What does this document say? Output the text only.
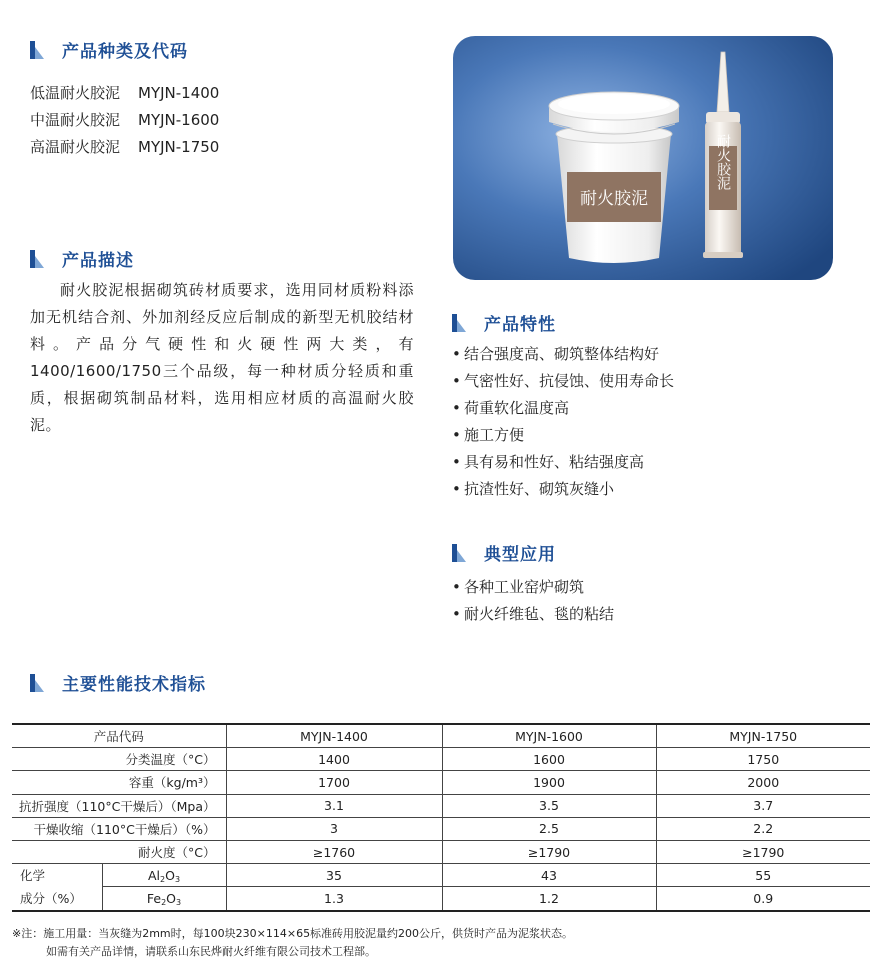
产品种类及代码
低温耐火胶泥 MYJN-1400
中温耐火胶泥 MYJN-1600
高温耐火胶泥 MYJN-1750
产品描述
耐火胶泥根据砌筑砖材质要求，选用同材质粉料添加无机结合剂、外加剂经反应后制成的新型无机胶结材料。产品分气硬性和火硬性两大类，有1400/1600/1750三个品级，每一种材质分轻质和重质，根据砌筑制品材料，选用相应材质的高温耐火胶泥。
耐火胶泥
耐火胶泥
产品特性
• 结合强度高、砌筑整体结构好
• 气密性好、抗侵蚀、使用寿命长
• 荷重软化温度高
• 施工方便
• 具有易和性好、粘结强度高
• 抗渣性好、砌筑灰缝小
典型应用
• 各种工业窑炉砌筑
• 耐火纤维毡、毯的粘结
主要性能技术指标
产品代码		MYJN-1400	MYJN-1600	MYJN-1750
分类温度（°C）		1400	1600	1750
容重（kg/m³）		1700	1900	2000
抗折强度（110°C干燥后）（Mpa）		3.1	3.5	3.7
干燥收缩（110°C干燥后）（%）		3	2.5	2.2
耐火度（°C）		≥1760	≥1790	≥1790
化学	$Al_2O_3$	35	43	55
成分（%）	$Fe_2O_3$	1.3	1.2	0.9
※注：施工用量：当灰缝为2mm时，每100块230×114×65标准砖用胶泥量约200公斤，供货时产品为泥浆状态。
如需有关产品详情，请联系山东民烨耐火纤维有限公司技术工程部。
